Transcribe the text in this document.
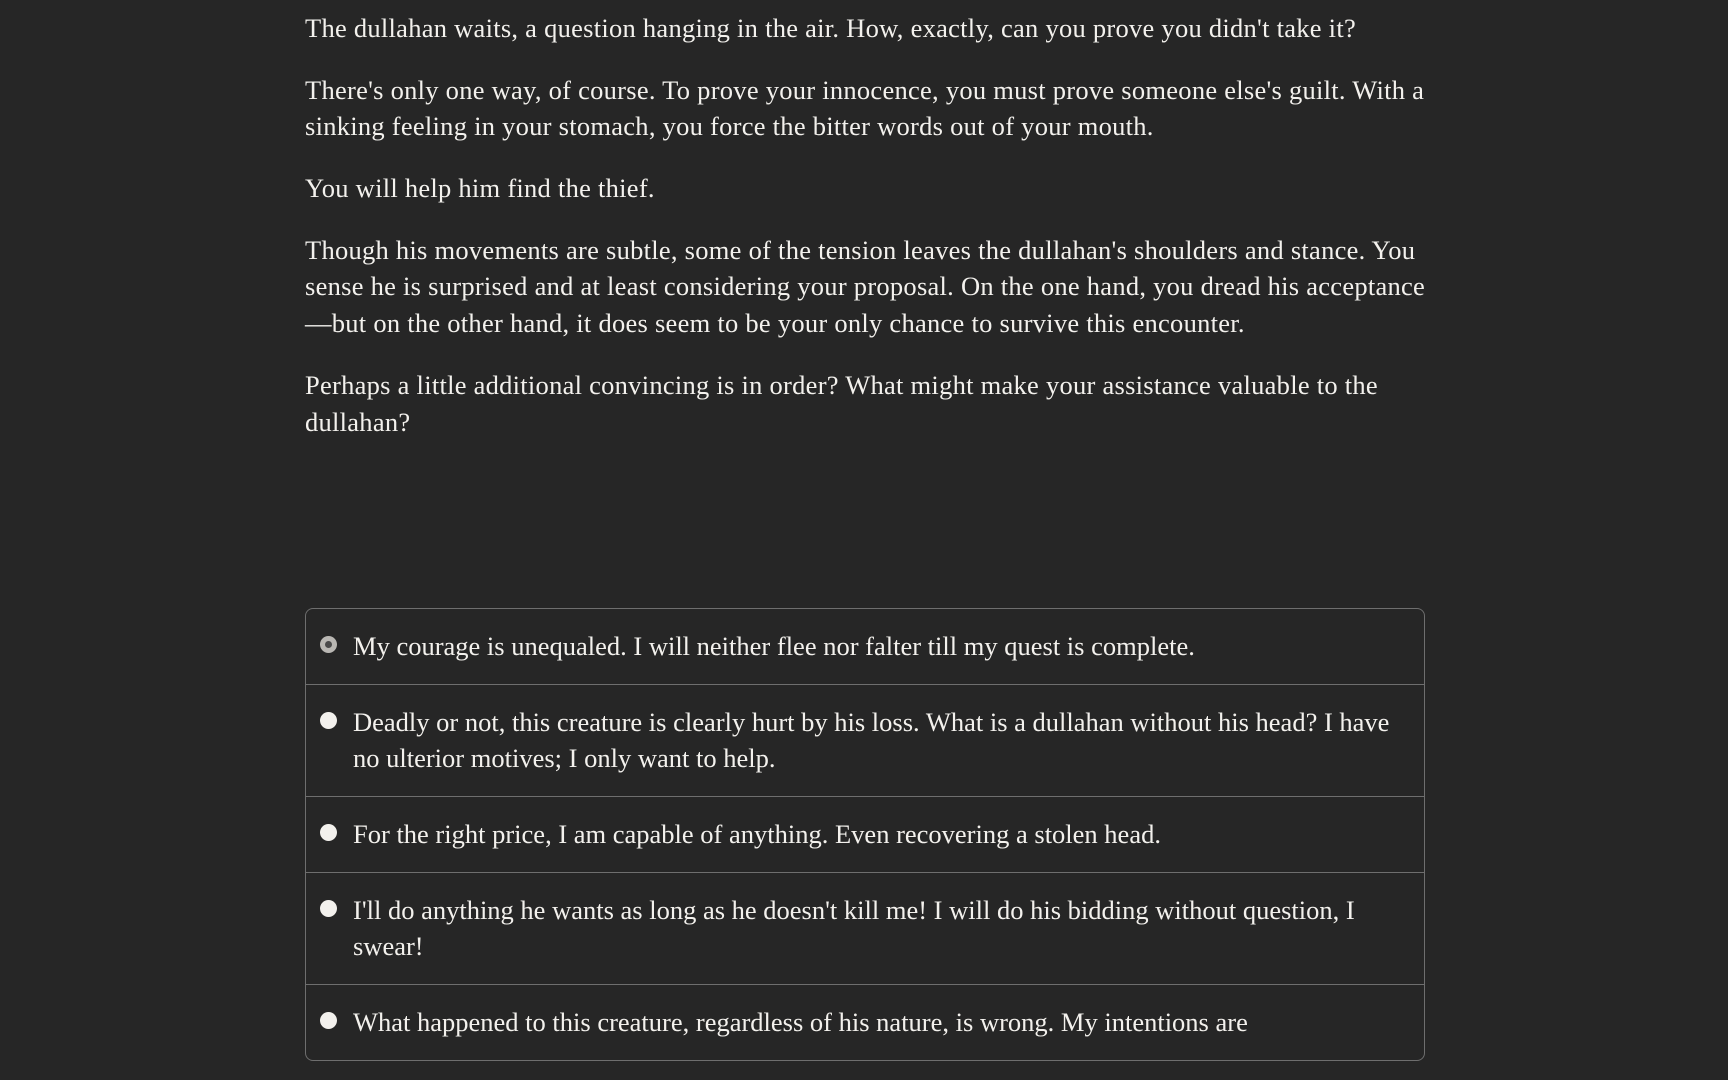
The dullahan waits, a question hanging in the air. How, exactly, can you prove you didn't take it?

There's only one way, of course. To prove your innocence, you must prove someone else's guilt. With a sinking feeling in your stomach, you force the bitter words out of your mouth.

You will help him find the thief.

Though his movements are subtle, some of the tension leaves the dullahan's shoulders and stance. You sense he is surprised and at least considering your proposal. On the one hand, you dread his acceptance—but on the other hand, it does seem to be your only chance to survive this encounter.

Perhaps a little additional convincing is in order? What might make your assistance valuable to the dullahan?

My courage is unequaled. I will neither flee nor falter till my quest is complete.
Deadly or not, this creature is clearly hurt by his loss. What is a dullahan without his head? I have no ulterior motives; I only want to help.
For the right price, I am capable of anything. Even recovering a stolen head.
I'll do anything he wants as long as he doesn't kill me! I will do his bidding without question, I swear!
What happened to this creature, regardless of his nature, is wrong. My intentions are
